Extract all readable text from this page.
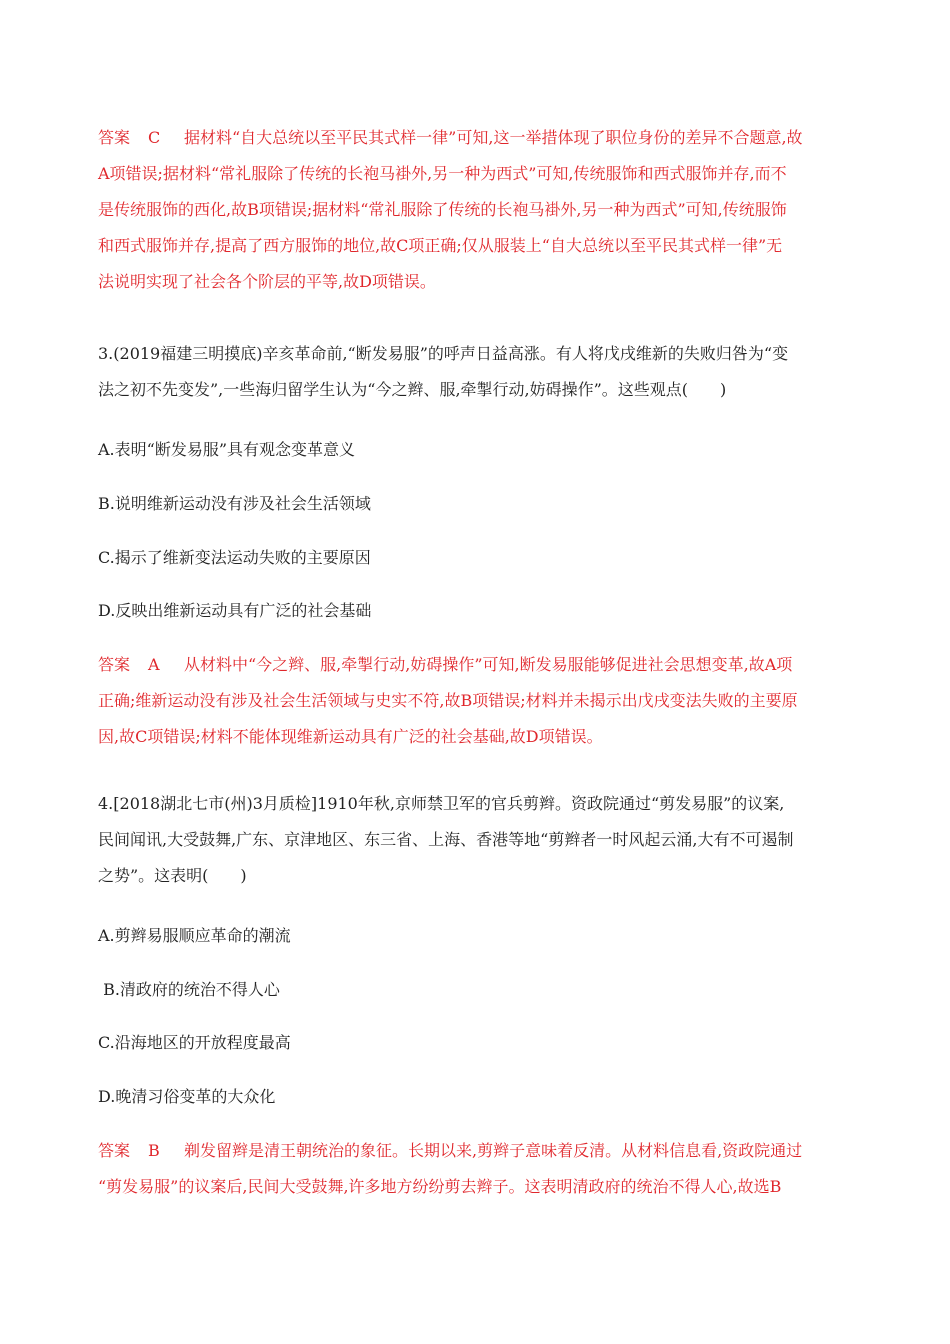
答案 C 据材料“自大总统以至平民其式样一律”可知,这一举措体现了职位身份的差异不合题意,故

A项错误;据材料“常礼服除了传统的长袍马褂外,另一种为西式”可知,传统服饰和西式服饰并存,而不

是传统服饰的西化,故B项错误;据材料“常礼服除了传统的长袍马褂外,另一种为西式”可知,传统服饰

和西式服饰并存,提高了西方服饰的地位,故C项正确;仅从服装上“自大总统以至平民其式样一律”无

法说明实现了社会各个阶层的平等,故D项错误。

3.(2019福建三明摸底)辛亥革命前,“断发易服”的呼声日益高涨。有人将戊戌维新的失败归咎为“变

法之初不先变发”,一些海归留学生认为“今之辫、服,牵掣行动,妨碍操作”。这些观点(　　)

A.表明“断发易服”具有观念变革意义

B.说明维新运动没有涉及社会生活领域

C.揭示了维新变法运动失败的主要原因

D.反映出维新运动具有广泛的社会基础

答案 A 从材料中“今之辫、服,牵掣行动,妨碍操作”可知,断发易服能够促进社会思想变革,故A项

正确;维新运动没有涉及社会生活领域与史实不符,故B项错误;材料并未揭示出戊戌变法失败的主要原

因,故C项错误;材料不能体现维新运动具有广泛的社会基础,故D项错误。

4.[2018湖北七市(州)3月质检]1910年秋,京师禁卫军的官兵剪辫。资政院通过“剪发易服”的议案,

民间闻讯,大受鼓舞,广东、京津地区、东三省、上海、香港等地“剪辫者一时风起云涌,大有不可遏制

之势”。这表明(　　)

A.剪辫易服顺应革命的潮流

B.清政府的统治不得人心

C.沿海地区的开放程度最高

D.晚清习俗变革的大众化

答案 B 剃发留辫是清王朝统治的象征。长期以来,剪辫子意味着反清。从材料信息看,资政院通过

“剪发易服”的议案后,民间大受鼓舞,许多地方纷纷剪去辫子。这表明清政府的统治不得人心,故选B
